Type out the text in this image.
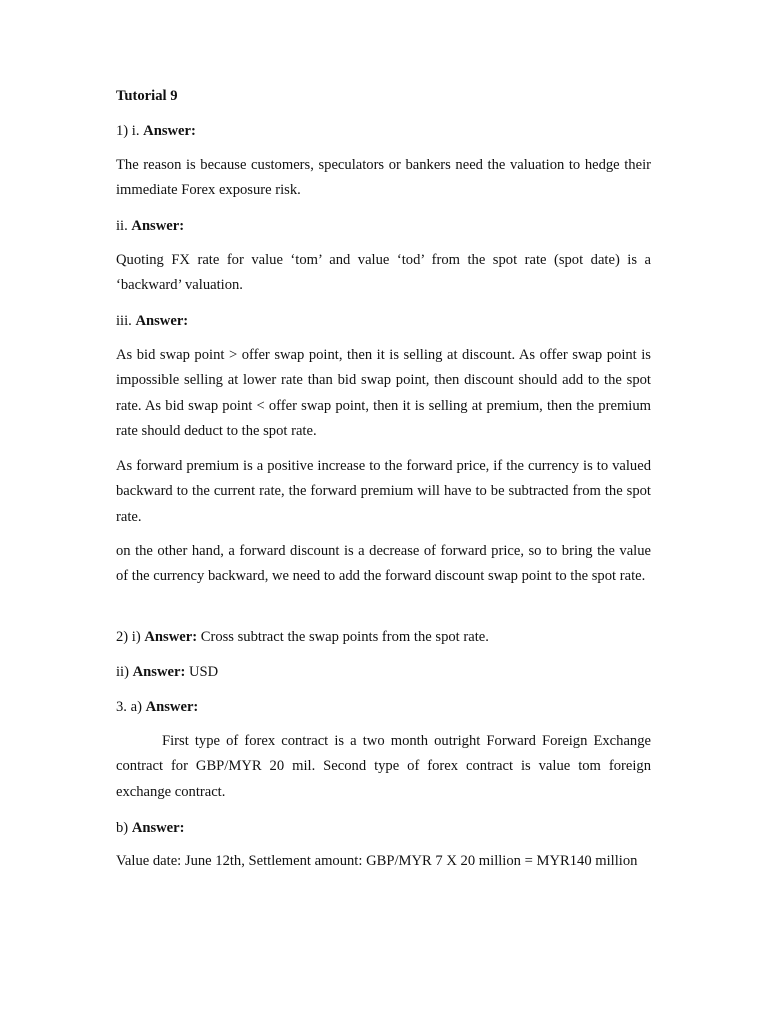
Tutorial 9

1) i. Answer:

The reason is because customers, speculators or bankers need the valuation to hedge their immediate Forex exposure risk.

ii. Answer:

Quoting FX rate for value ‘tom’ and value ‘tod’ from the spot rate (spot date) is a ‘backward’ valuation.

iii. Answer:

As bid swap point > offer swap point, then it is selling at discount. As offer swap point is impossible selling at lower rate than bid swap point, then discount should add to the spot rate. As bid swap point < offer swap point, then it is selling at premium, then the premium rate should deduct to the spot rate.

As forward premium is a positive increase to the forward price, if the currency is to valued backward to the current rate, the forward premium will have to be subtracted from the spot rate.

on the other hand, a forward discount is a decrease of forward price, so to bring the value of the currency backward, we need to add the forward discount swap point to the spot rate.

2) i) Answer: Cross subtract the swap points from the spot rate.

ii) Answer: USD

3. a) Answer:

First type of forex contract is a two month outright Forward Foreign Exchange contract for GBP/MYR 20 mil. Second type of forex contract is value tom foreign exchange contract.

b) Answer:

Value date: June 12th, Settlement amount: GBP/MYR 7 X 20 million = MYR140 million
